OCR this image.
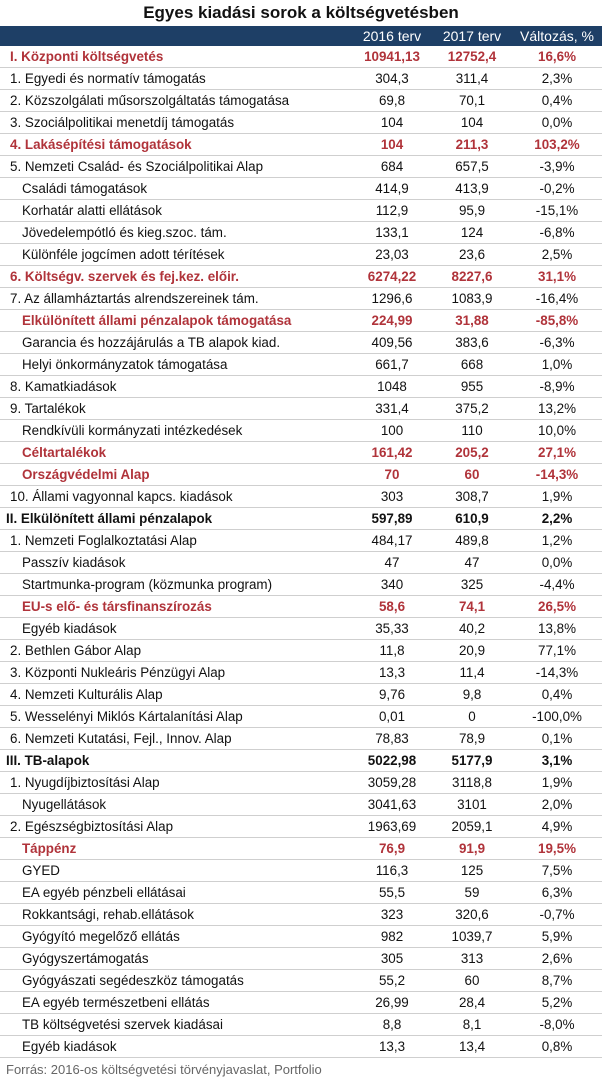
Egyes kiadási sorok a költségvetésben
	2016 terv	2017 terv	Változás, %
I. Központi költségvetés	10941,13	12752,4	16,6%
1. Egyedi és normatív támogatás	304,3	311,4	2,3%
2. Közszolgálati műsorszolgáltatás támogatása	69,8	70,1	0,4%
3. Szociálpolitikai menetdíj támogatás	104	104	0,0%
4. Lakásépítési támogatások	104	211,3	103,2%
5. Nemzeti Család- és Szociálpolitikai Alap	684	657,5	-3,9%
Családi támogatások	414,9	413,9	-0,2%
Korhatár alatti ellátások	112,9	95,9	-15,1%
Jövedelempótló és kieg.szoc. tám.	133,1	124	-6,8%
Különféle jogcímen adott térítések	23,03	23,6	2,5%
6. Költségv. szervek és fej.kez. előir.	6274,22	8227,6	31,1%
7. Az államháztartás alrendszereinek tám.	1296,6	1083,9	-16,4%
Elkülönített állami pénzalapok támogatása	224,99	31,88	-85,8%
Garancia és hozzájárulás a TB alapok kiad.	409,56	383,6	-6,3%
Helyi önkormányzatok támogatása	661,7	668	1,0%
8. Kamatkiadások	1048	955	-8,9%
9. Tartalékok	331,4	375,2	13,2%
Rendkívüli kormányzati intézkedések	100	110	10,0%
Céltartalékok	161,42	205,2	27,1%
Országvédelmi Alap	70	60	-14,3%
10. Állami vagyonnal kapcs. kiadások	303	308,7	1,9%
II. Elkülönített állami pénzalapok	597,89	610,9	2,2%
1. Nemzeti Foglalkoztatási Alap	484,17	489,8	1,2%
Passzív kiadások	47	47	0,0%
Startmunka-program (közmunka program)	340	325	-4,4%
EU-s elő- és társfinanszírozás	58,6	74,1	26,5%
Egyéb kiadások	35,33	40,2	13,8%
2. Bethlen Gábor Alap	11,8	20,9	77,1%
3. Központi Nukleáris Pénzügyi Alap	13,3	11,4	-14,3%
4. Nemzeti Kulturális Alap	9,76	9,8	0,4%
5. Wesselényi Miklós Kártalanítási Alap	0,01	0	-100,0%
6. Nemzeti Kutatási, Fejl., Innov. Alap	78,83	78,9	0,1%
III. TB-alapok	5022,98	5177,9	3,1%
1. Nyugdíjbiztosítási Alap	3059,28	3118,8	1,9%
Nyugellátások	3041,63	3101	2,0%
2. Egészségbiztosítási Alap	1963,69	2059,1	4,9%
Táppénz	76,9	91,9	19,5%
GYED	116,3	125	7,5%
EA egyéb pénzbeli ellátásai	55,5	59	6,3%
Rokkantsági, rehab.ellátások	323	320,6	-0,7%
Gyógyító megelőző ellátás	982	1039,7	5,9%
Gyógyszertámogatás	305	313	2,6%
Gyógyászati segédeszköz támogatás	55,2	60	8,7%
EA egyéb természetbeni ellátás	26,99	28,4	5,2%
TB költségvetési szervek kiadásai	8,8	8,1	-8,0%
Egyéb kiadások	13,3	13,4	0,8%
Forrás: 2016-os költségvetési törvényjavaslat, Portfolio
